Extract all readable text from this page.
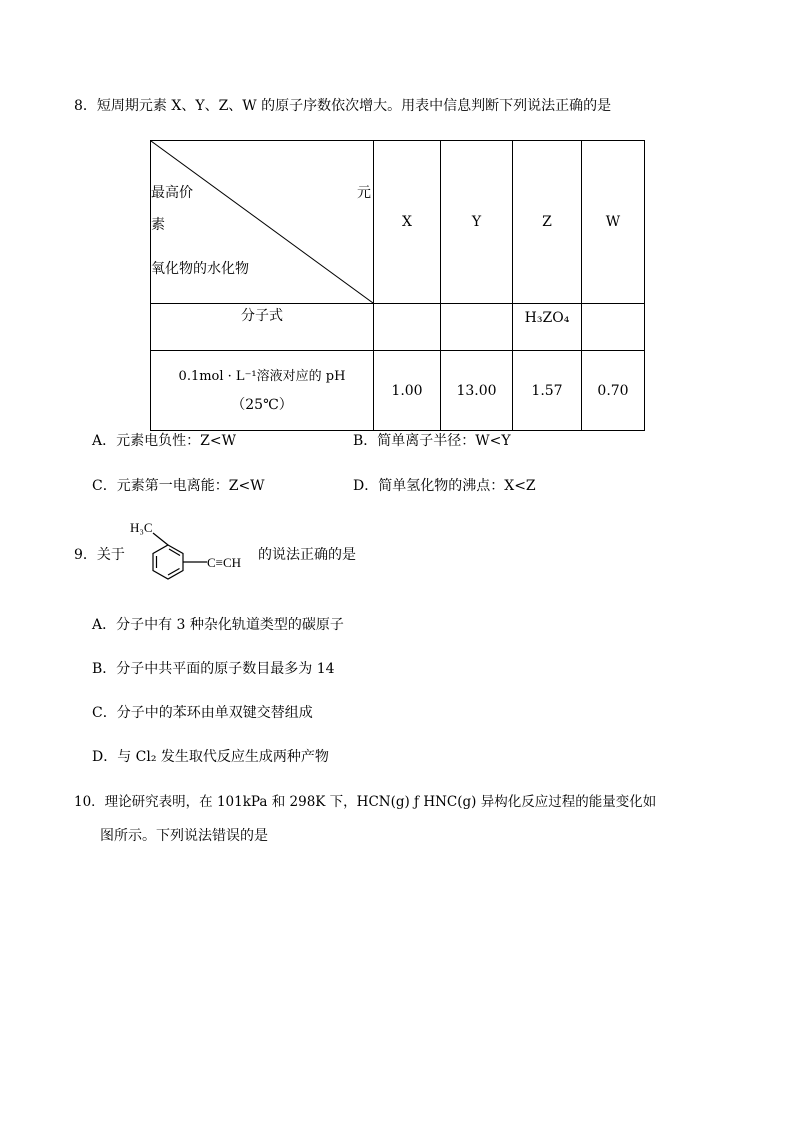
8．短周期元素 X、Y、Z、W 的原子序数依次增大。用表中信息判断下列说法正确的是
最高价 元
素
氧化物的水化物	X	Y	Z	W
分子式			H₃ZO₄	

0.1mol · L⁻¹溶液对应的 pH
（25℃）	1.00	13.00	1.57	0.70
A．元素电负性：Z<W	B．简单离子半径：W<Y
C．元素第一电离能：Z<W	D．简单氢化物的沸点：X<Z
9．关于
H₃C
C≡CH 的说法正确的是
A．分子中有 3 种杂化轨道类型的碳原子
B．分子中共平面的原子数目最多为 14
C．分子中的苯环由单双键交替组成
D．与 Cl₂ 发生取代反应生成两种产物
10．理论研究表明，在 101kPa 和 298K 下，HCN(g) ƒ HNC(g) 异构化反应过程的能量变化如
图所示。下列说法错误的是
